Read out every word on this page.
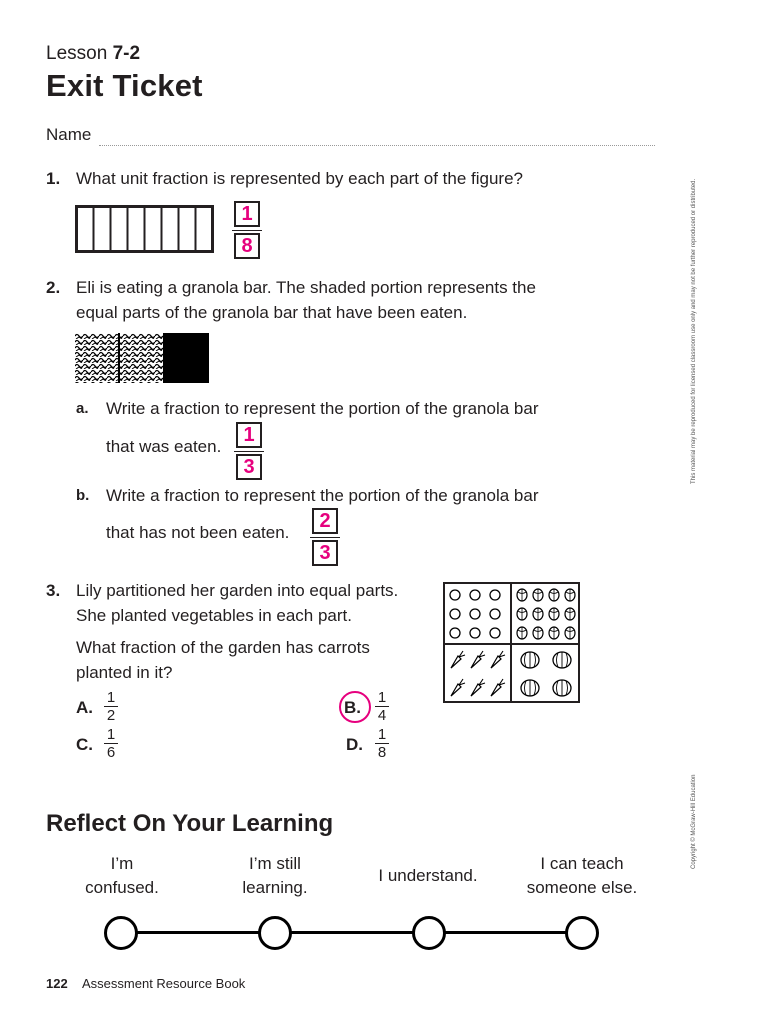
Lesson 7-2
Exit Ticket
Name
1. What unit fraction is represented by each part of the figure?
1
8
2. Eli is eating a granola bar. The shaded portion represents the
equal parts of the granola bar that have been eaten.
a. Write a fraction to represent the portion of the granola bar
that was eaten.
1
3
b. Write a fraction to represent the portion of the granola bar
that has not been eaten.
2
3
3. Lily partitioned her garden into equal parts.
She planted vegetables in each part.
What fraction of the garden has carrots
planted in it?
A.
1
2	B.
1
4
C.
1
6	D.
1
8
This material may be reproduced for licensed classroom use only and may not be further reproduced or distributed.
Copyright © McGraw-Hill Education
Reflect On Your Learning
I’m
confused.
I’m still
learning.
I understand.
I can teach
someone else.
122 Assessment Resource Book
